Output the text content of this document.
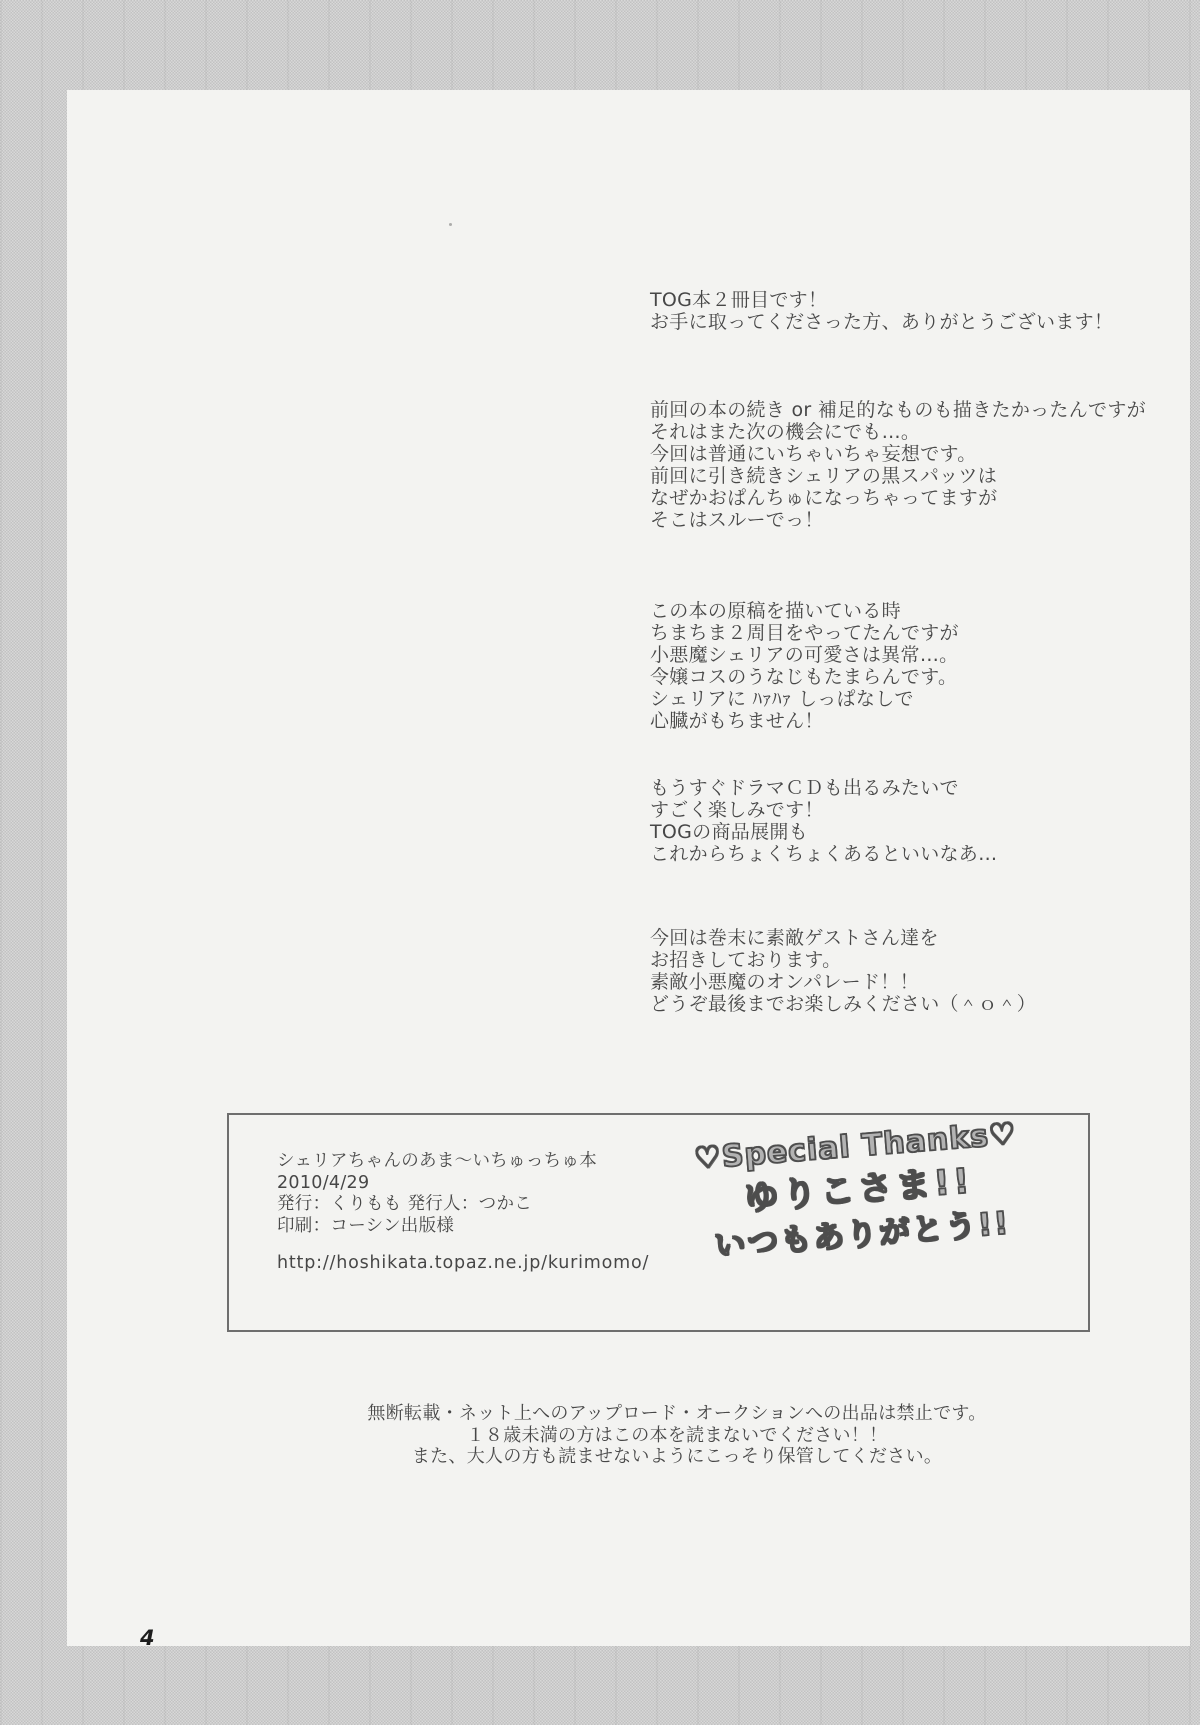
TOG本２冊目です！
お手に取ってくださった方、ありがとうございます！
前回の本の続き or 補足的なものも描きたかったんですが
それはまた次の機会にでも…。
今回は普通にいちゃいちゃ妄想です。
前回に引き続きシェリアの黒スパッツは
なぜかおぱんちゅになっちゃってますが
そこはスルーでっ！
この本の原稿を描いている時
ちまちま２周目をやってたんですが
小悪魔シェリアの可愛さは異常…。
令嬢コスのうなじもたまらんです。
シェリアに ﾊｧﾊｧ しっぱなしで
心臓がもちません！
もうすぐドラマＣＤも出るみたいで
すごく楽しみです！
TOGの商品展開も
これからちょくちょくあるといいなあ…
今回は巻末に素敵ゲストさん達を
お招きしております。
素敵小悪魔のオンパレード！！
どうぞ最後までお楽しみください（＾ｏ＾）
シェリアちゃんのあま～いちゅっちゅ本
2010/4/29
発行：くりもも 発行人：つかこ
印刷：コーシン出版様
http://hoshikata.topaz.ne.jp/kurimomo/
♡Special Thanks♡
ゆりこさま!!
いつもありがとう!!
無断転載・ネット上へのアップロード・オークションへの出品は禁止です。
１８歳未満の方はこの本を読まないでください！！
また、大人の方も読ませないようにこっそり保管してください。
4
